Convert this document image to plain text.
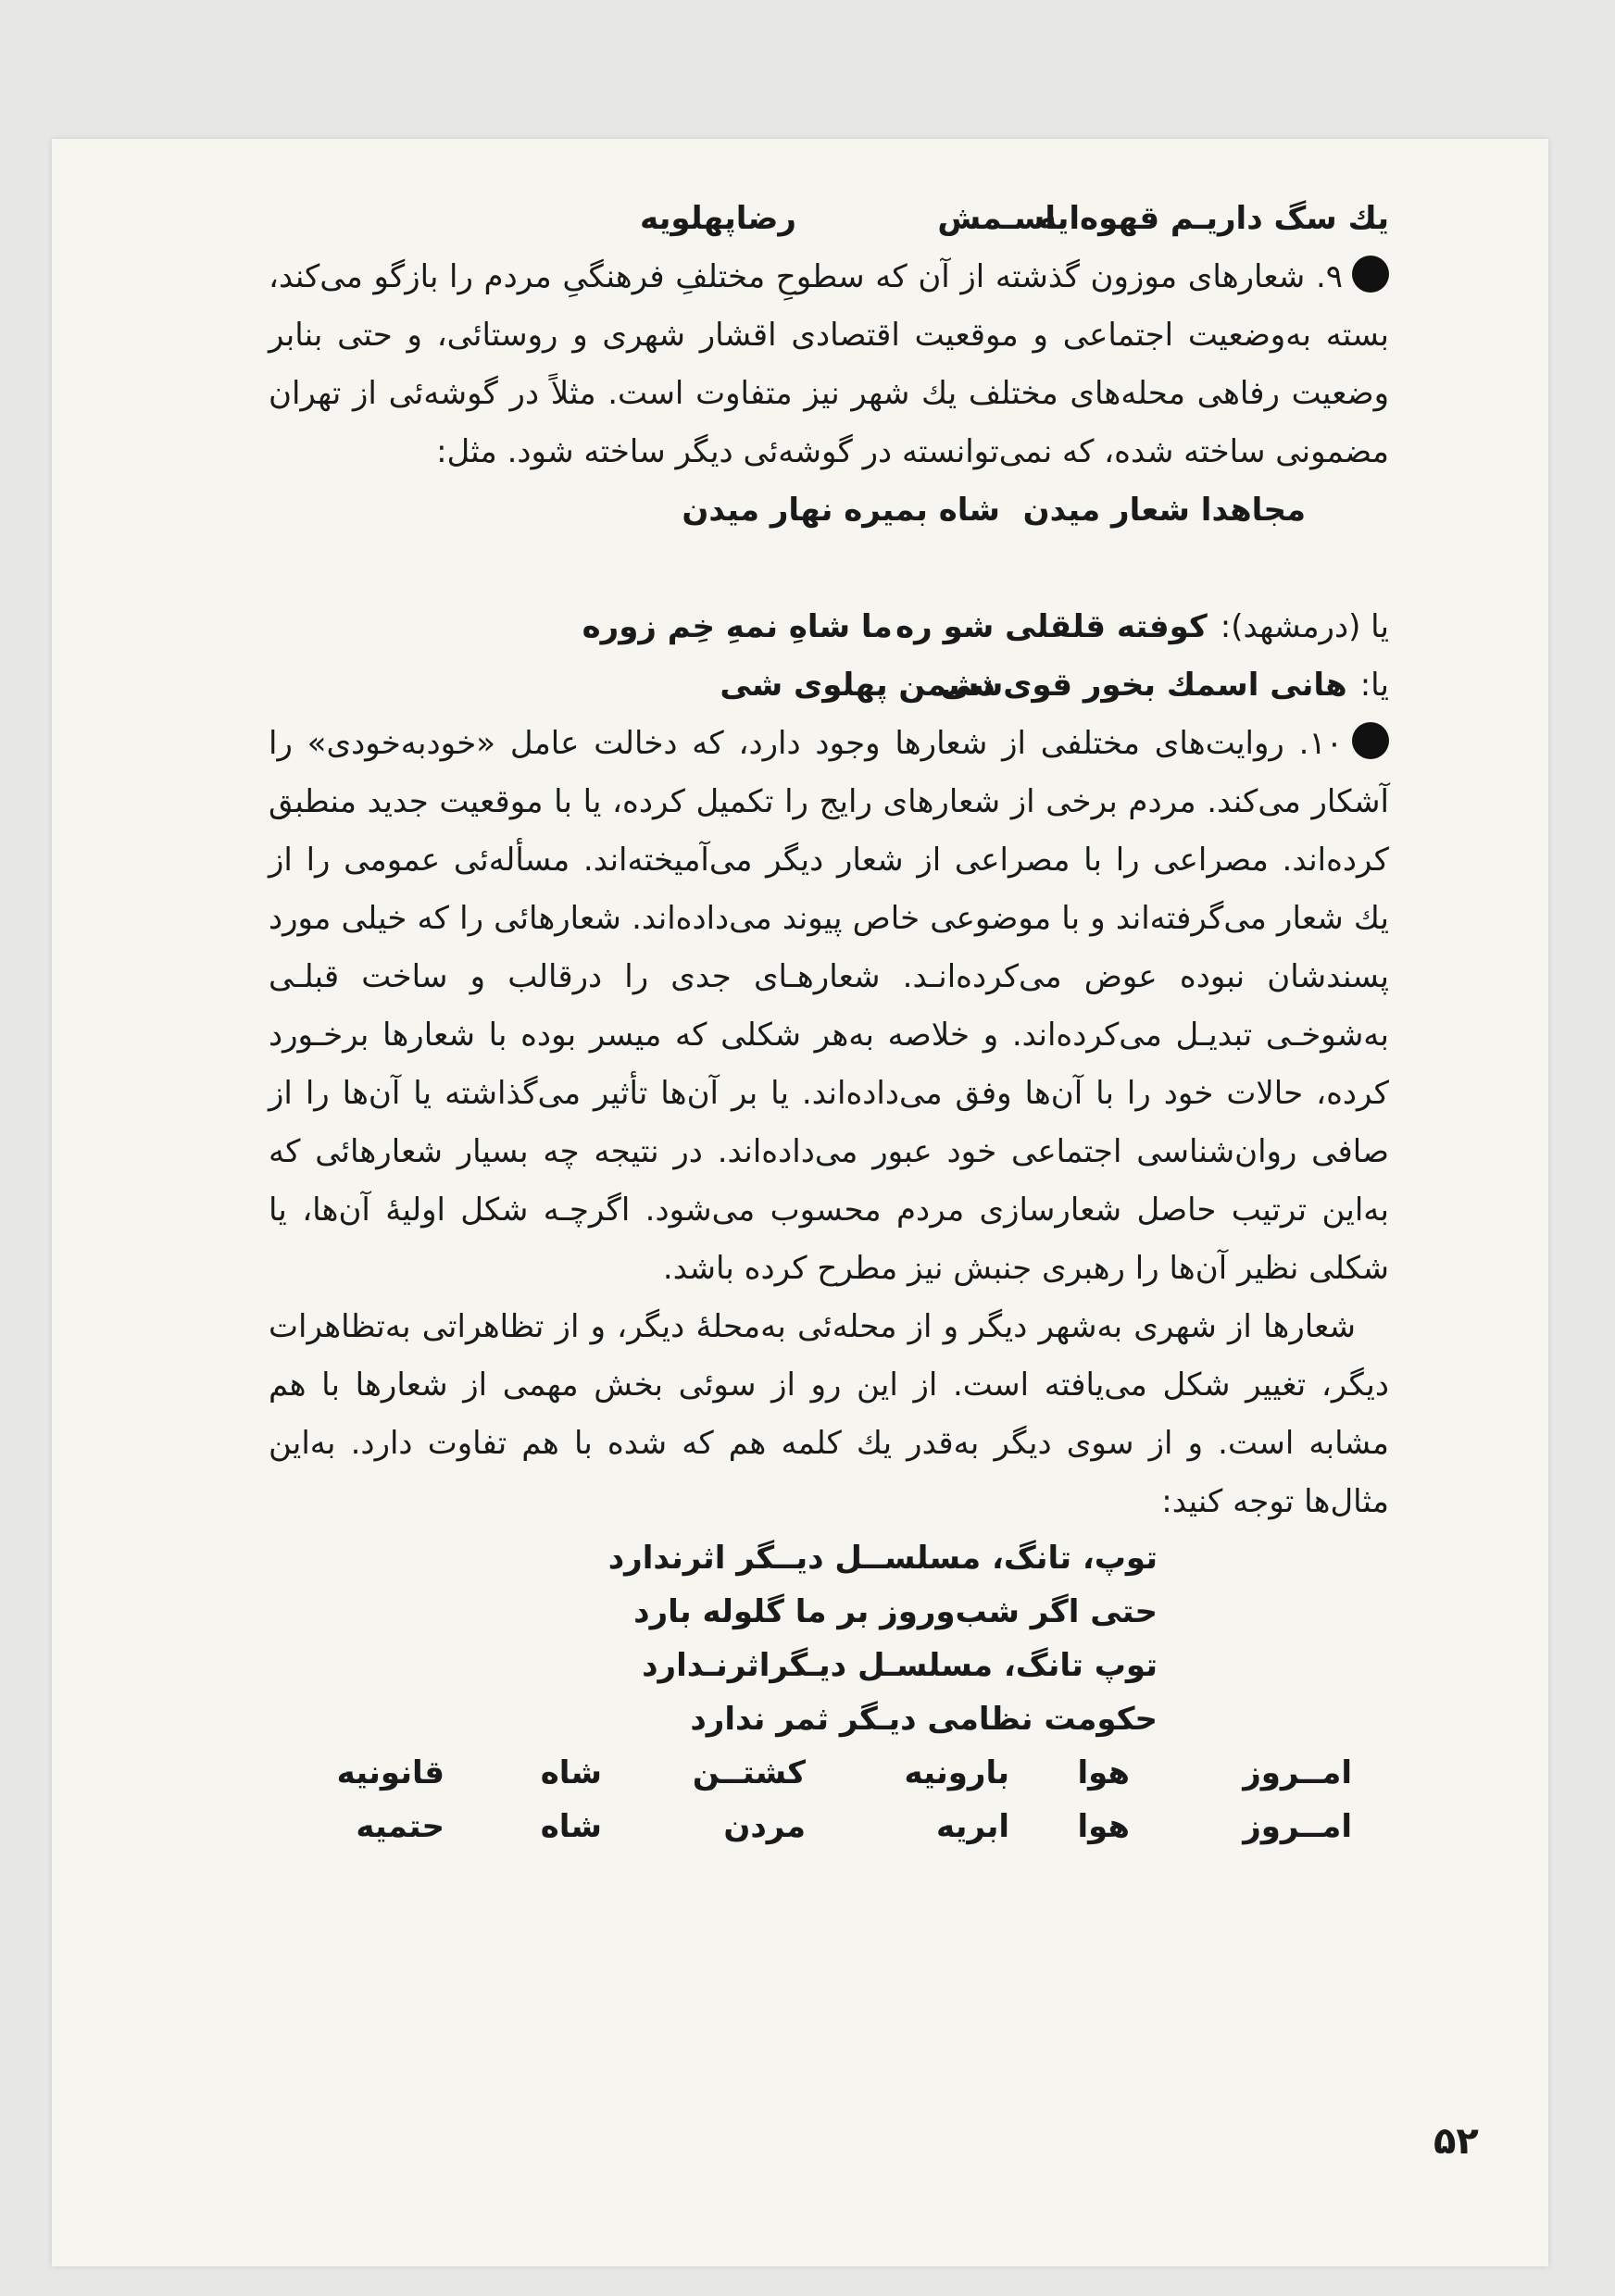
یك سگ داریـم قهوه‌ایه
اسـمش
رضاپهلویه

۹. شعارهای موزون گذشته از آن که سطوحِ مختلفِ فرهنگیِ مردم را بازگو می‌کند، بسته به‌وضعیت اجتماعی و موقعیت اقتصادی اقشار شهری و روستائی، و حتی بنابر وضعیت رفاهی محله‌های مختلف یك شهر نیز متفاوت است. مثلاً در گوشه‌ئی از تهران مضمونی ساخته شده، که نمی‌توانسته در گوشه‌ئی دیگر ساخته شود. مثل:

مجاهدا شعار میدن
شاه بمیره نهار میدن
یا (درمشهد):
کوفته قلقلی شو ره
ما شاهِ نمهِ خِم زوره
یا:
هانی اسمك بخور قوی‌شی
دشمن پهلوی شی

۱۰. روایت‌های مختلفی از شعارها وجود دارد، که دخالت عامل «خودبه‌خودی» را آشکار می‌کند. مردم برخی از شعارهای رایج را تکمیل کرده، یا با موقعیت جدید منطبق کرده‌اند. مصراعی را با مصراعی از شعار دیگر می‌آمیخته‌اند. مسأله‌ئی عمومی را از یك شعار می‌گرفته‌اند و با موضوعی خاص پیوند می‌داده‌اند. شعارهائی را که خیلی مورد پسندشان نبوده عوض می‌کرده‌انـد. شعارهـای جدی را درقالب و ساخت قبلـی به‌شوخـی تبدیـل می‌کرده‌اند. و خلاصه به‌هر شکلی که میسر بوده با شعارها برخـورد کرده، حالات خود را با آن‌ها وفق می‌داده‌اند. یا بر آن‌ها تأثیر می‌گذاشته یا آن‌ها را از صافی روان‌شناسی اجتماعی خود عبور می‌داده‌اند. در نتیجه چه بسیار شعارهائی که به‌این ترتیب حاصل شعارسازی مردم محسوب می‌شود. اگرچـه شکل اولیهٔ آن‌ها، یا شکلی نظیر آن‌ها را رهبری جنبش نیز مطرح کرده باشد.

شعارها از شهری به‌شهر دیگر و از محله‌ئی به‌محلهٔ دیگر، و از تظاهراتی به‌تظاهرات دیگر، تغییر شکل می‌یافته است. از این رو از سوئی بخش مهمی از شعارها با هم مشابه است. و از سوی دیگر به‌قدر یك کلمه هم که شده با هم تفاوت دارد. به‌این مثال‌ها توجه کنید:

توپ، تانگ، مسلســل دیــگر اثرندارد
حتی اگر شب‌وروز بر ما گلوله بارد
توپ تانگ، مسلسـل دیـگراثرنـدارد
حکومت نظامی دیـگر ثمر ندارد
امــروز
هوا
بارونیه
کشتــن
شاه
قانونیه
امــروز
هوا
ابریه
مردن
شاه
حتمیه
۵۲
